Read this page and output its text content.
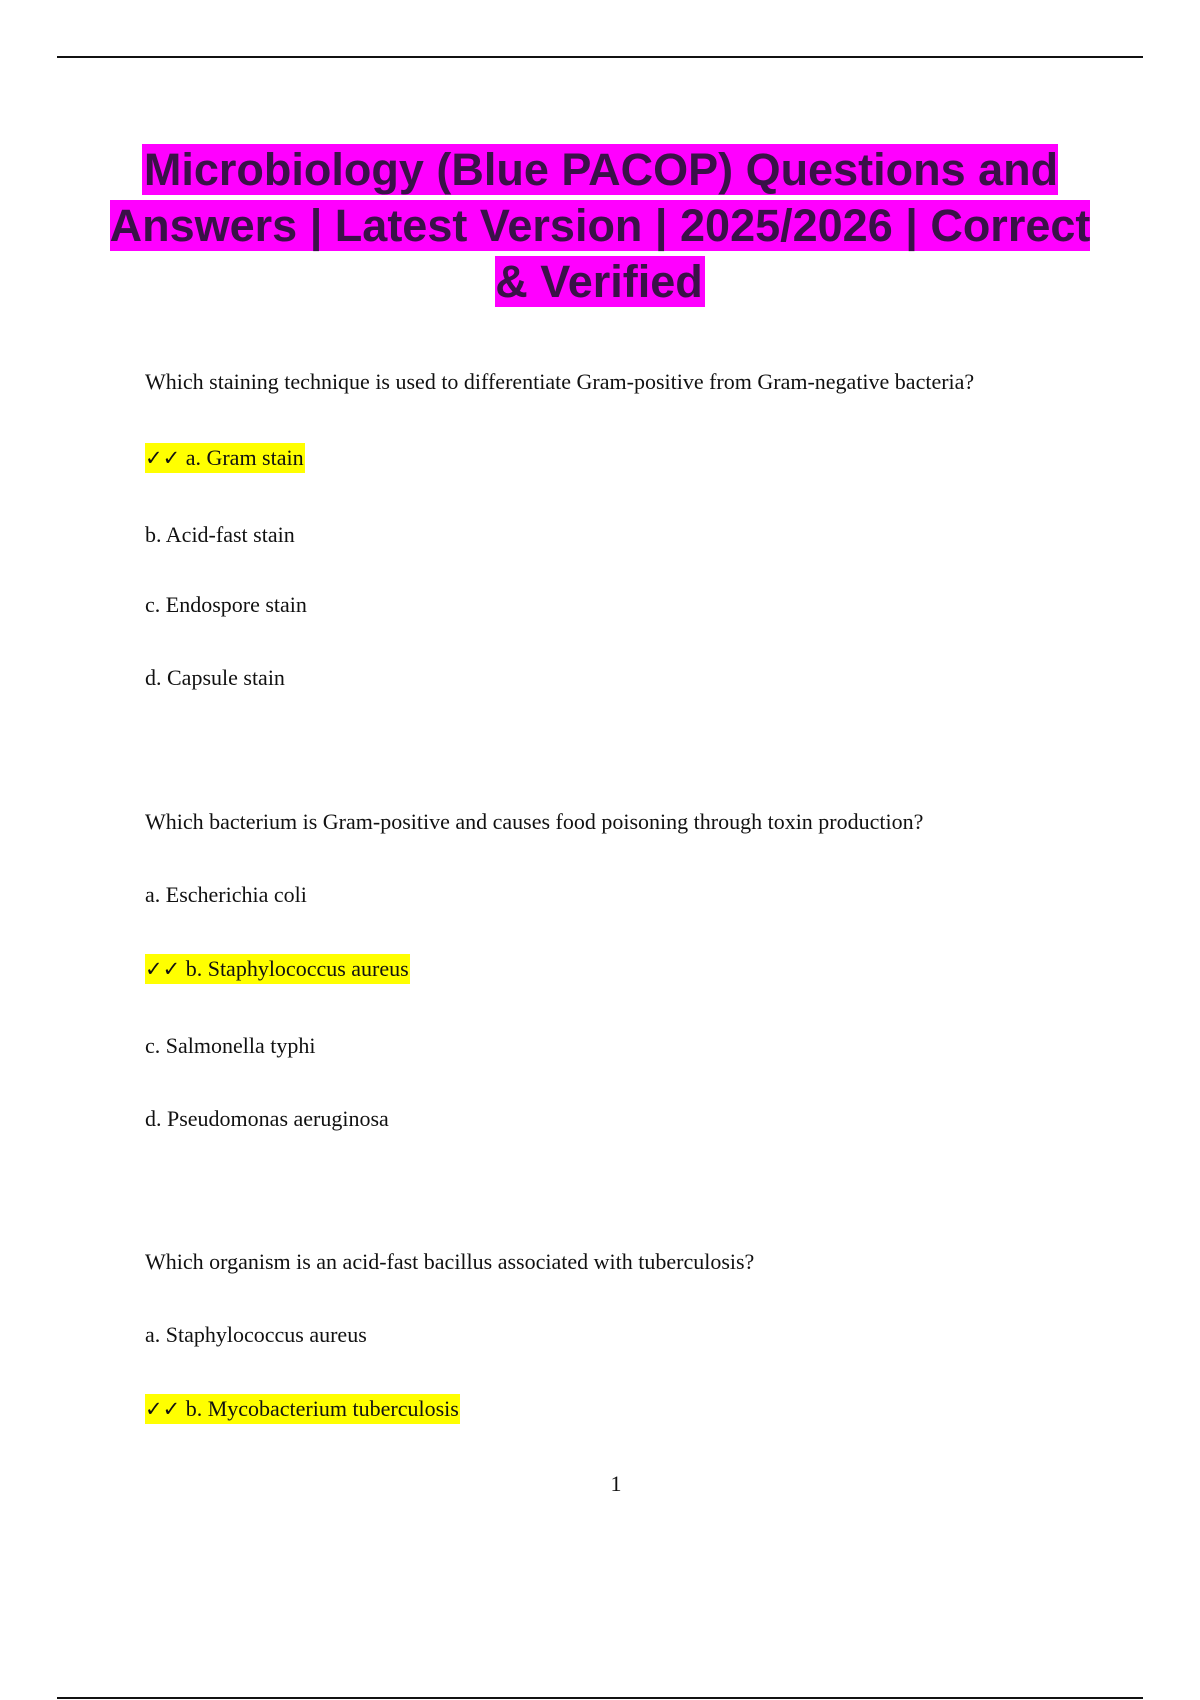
Microbiology (Blue PACOP) Questions and Answers | Latest Version | 2025/2026 | Correct & Verified
Which staining technique is used to differentiate Gram-positive from Gram-negative bacteria?
✓✓ a. Gram stain
b. Acid-fast stain
c. Endospore stain
d. Capsule stain
Which bacterium is Gram-positive and causes food poisoning through toxin production?
a. Escherichia coli
✓✓ b. Staphylococcus aureus
c. Salmonella typhi
d. Pseudomonas aeruginosa
Which organism is an acid-fast bacillus associated with tuberculosis?
a. Staphylococcus aureus
✓✓ b. Mycobacterium tuberculosis
1
